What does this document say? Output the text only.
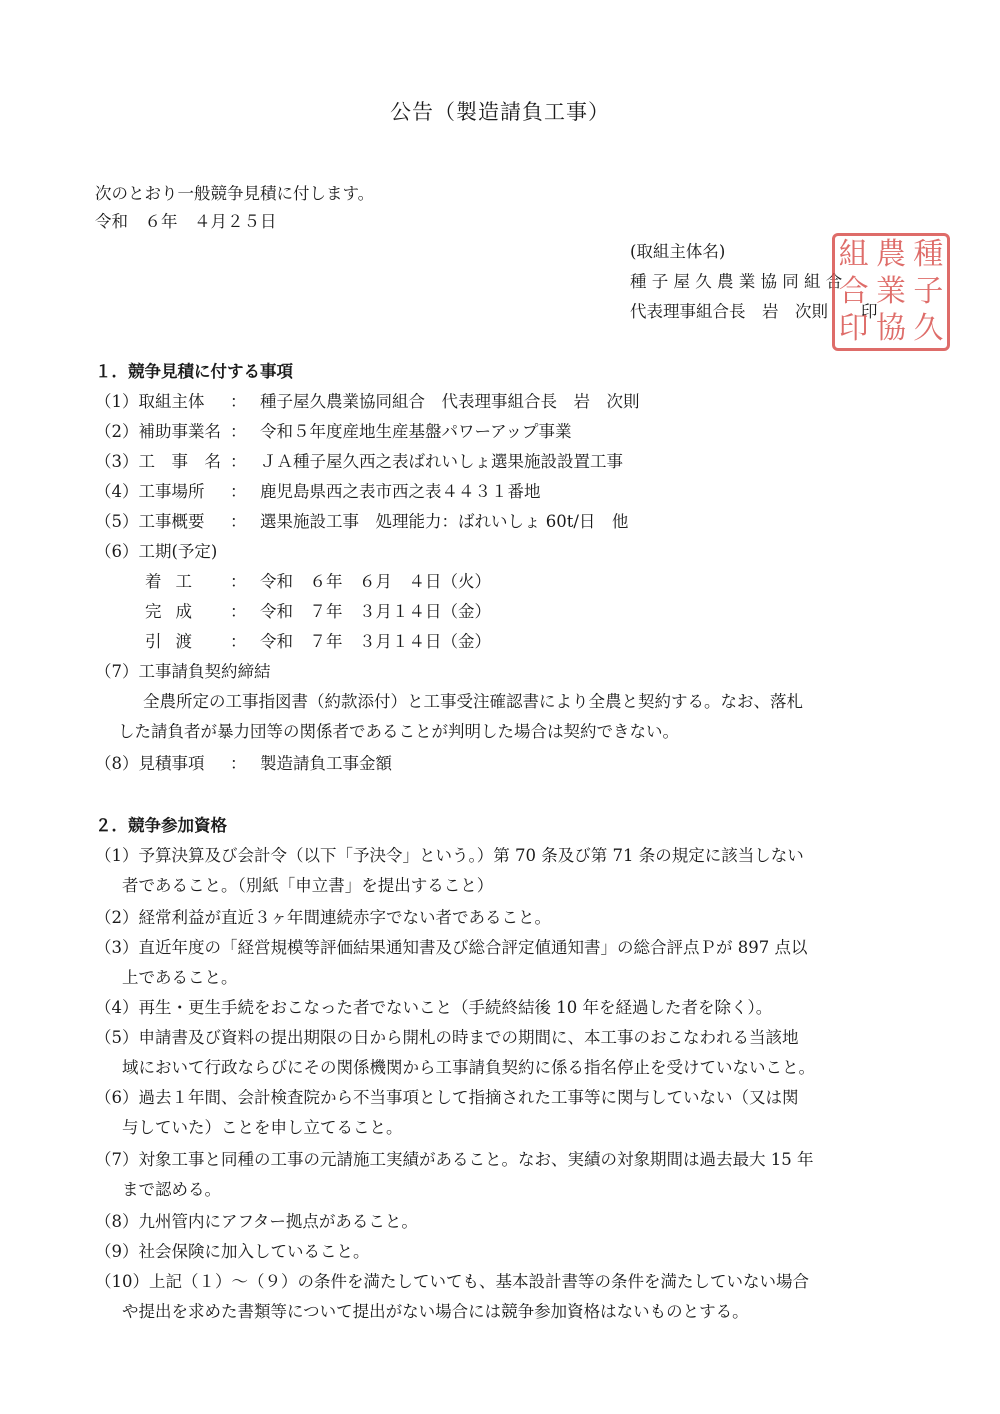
公告（製造請負工事）
次のとおり一般競争見積に付します。
令和　６年　４月２５日
(取組主体名)
種 子 屋 久 農 業 協 同 組 合
代表理事組合長　岩　次則　　印
組 農 種
合 業 子
印 協 久
１．競争見積に付する事項
（1）取組主体 ： 種子屋久農業協同組合　代表理事組合長　岩　次則
（2）補助事業名 ： 令和５年度産地生産基盤パワーアップ事業
（3）工　事　名 ： ＪＡ種子屋久西之表ばれいしょ選果施設設置工事
（4）工事場所 ： 鹿児島県西之表市西之表４４３１番地
（5）工事概要 ： 選果施設工事　処理能力：ばれいしょ 60t/日　他
（6）工期(予定)
着工 ： 令和　６年　６月　４日（火）
完成 ： 令和　７年　３月１４日（金）
引渡 ： 令和　７年　３月１４日（金）
（7）工事請負契約締結
全農所定の工事指図書（約款添付）と工事受注確認書により全農と契約する。なお、落札
した請負者が暴力団等の関係者であることが判明した場合は契約できない。
（8）見積事項 ： 製造請負工事金額
２．競争参加資格
（1）予算決算及び会計令（以下「予決令」という。）第 70 条及び第 71 条の規定に該当しない
者であること。（別紙「申立書」を提出すること）
（2）経常利益が直近３ヶ年間連続赤字でない者であること。
（3）直近年度の「経営規模等評価結果通知書及び総合評定値通知書」の総合評点Ｐが 897 点以
上であること。
（4）再生・更生手続をおこなった者でないこと（手続終結後 10 年を経過した者を除く）。
（5）申請書及び資料の提出期限の日から開札の時までの期間に、本工事のおこなわれる当該地
域において行政ならびにその関係機関から工事請負契約に係る指名停止を受けていないこと。
（6）過去１年間、会計検査院から不当事項として指摘された工事等に関与していない（又は関
与していた）ことを申し立てること。
（7）対象工事と同種の工事の元請施工実績があること。なお、実績の対象期間は過去最大 15 年
まで認める。
（8）九州管内にアフター拠点があること。
（9）社会保険に加入していること。
（10）上記（１）～（９）の条件を満たしていても、基本設計書等の条件を満たしていない場合
や提出を求めた書類等について提出がない場合には競争参加資格はないものとする。
